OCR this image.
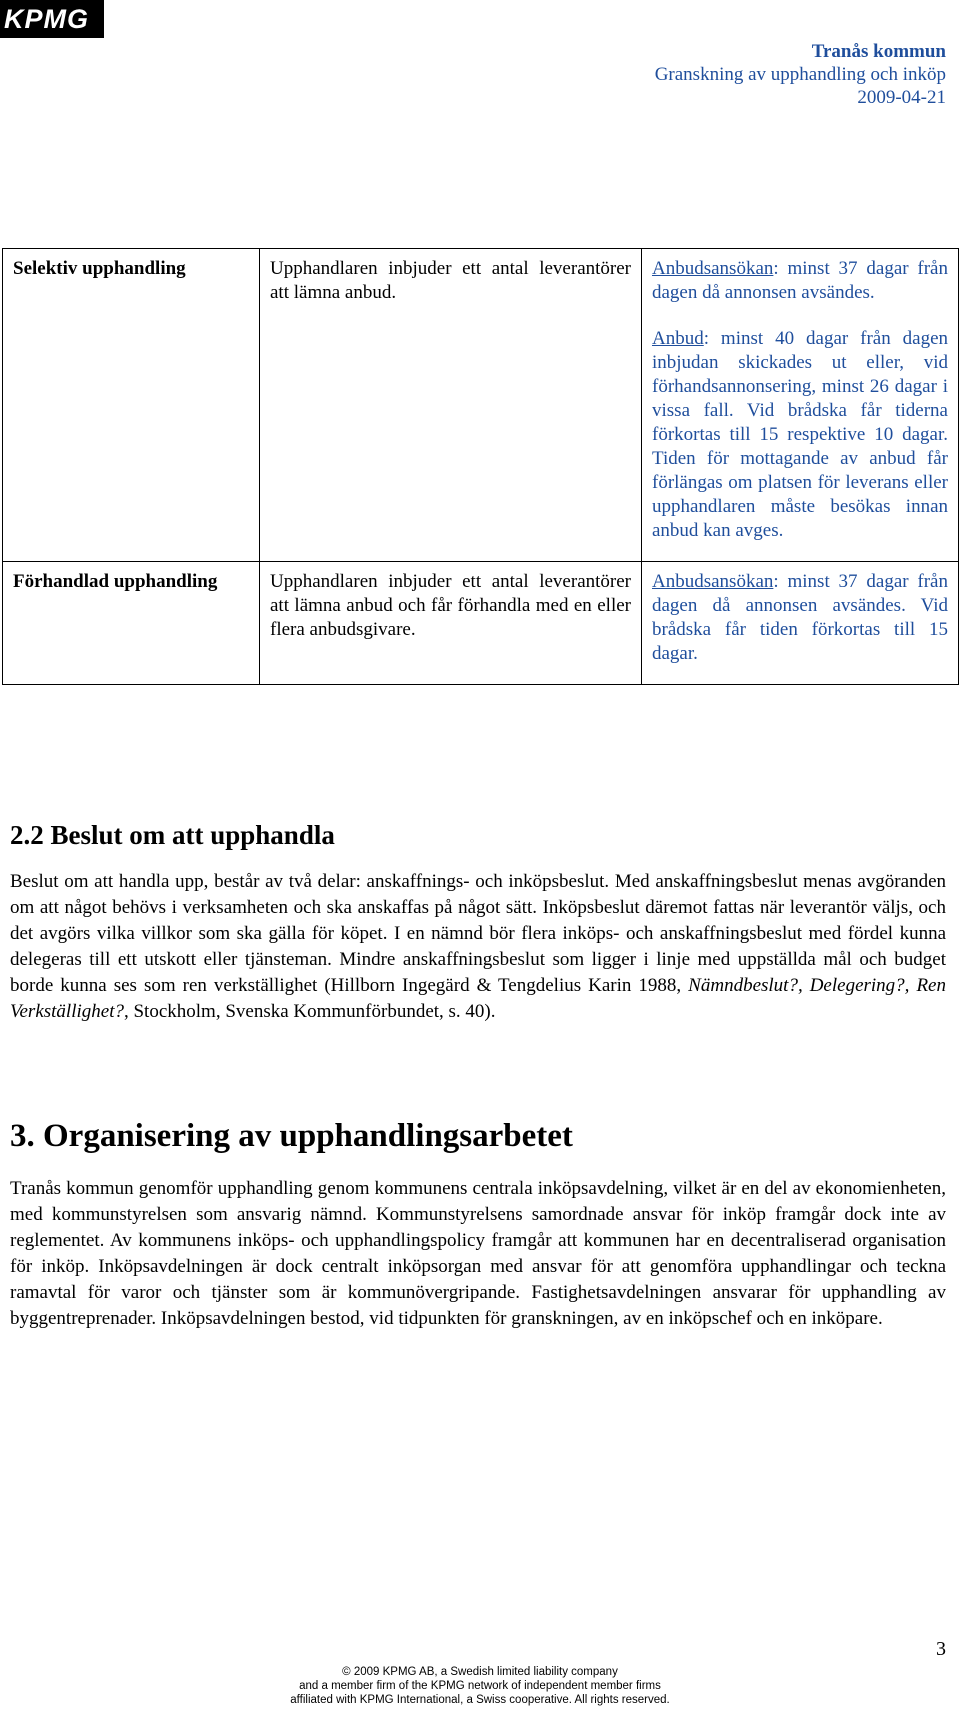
KPMG
Tranås kommun
Granskning av upphandling och inköp
2009-04-21
Selektiv upphandling	Upphandlaren inbjuder ett antal leverantörer att lämna anbud.	Anbudsansökan: minst 37 dagar från dagen då annonsen avsändes.
Anbud: minst 40 dagar från dagen inbjudan skickades ut eller, vid förhandsannonsering, minst 26 dagar i vissa fall. Vid brådska får tiderna förkortas till 15 respektive 10 dagar. Tiden för mottagande av anbud får förlängas om platsen för leverans eller upphandlaren måste besökas innan anbud kan avges.

Förhandlad upphandling	Upphandlaren inbjuder ett antal leverantörer att lämna anbud och får förhandla med en eller flera anbudsgivare.	Anbudsansökan: minst 37 dagar från dagen då annonsen avsändes. Vid brådska får tiden förkortas till 15 dagar.
2.2 Beslut om att upphandla

Beslut om att handla upp, består av två delar: anskaffnings- och inköpsbeslut. Med anskaffningsbeslut menas avgöranden om att något behövs i verksamheten och ska anskaffas på något sätt. Inköpsbeslut däremot fattas när leverantör väljs, och det avgörs vilka villkor som ska gälla för köpet. I en nämnd bör flera inköps- och anskaffningsbeslut med fördel kunna delegeras till ett utskott eller tjänsteman. Mindre anskaffningsbeslut som ligger i linje med uppställda mål och budget borde kunna ses som ren verkställighet (Hillborn Ingegärd & Tengdelius Karin 1988, Nämndbeslut?, Delegering?, Ren Verkställighet?, Stockholm, Svenska Kommunförbundet, s. 40).

3. Organisering av upphandlingsarbetet

Tranås kommun genomför upphandling genom kommunens centrala inköpsavdelning, vilket är en del av ekonomienheten, med kommunstyrelsen som ansvarig nämnd. Kommunstyrelsens samordnade ansvar för inköp framgår dock inte av reglementet. Av kommunens inköps- och upphandlingspolicy framgår att kommunen har en decentraliserad organisation för inköp. Inköpsavdelningen är dock centralt inköpsorgan med ansvar för att genomföra upphandlingar och teckna ramavtal för varor och tjänster som är kommunövergripande. Fastighetsavdelningen ansvarar för upphandling av byggentreprenader. Inköpsavdelningen bestod, vid tidpunkten för granskningen, av en inköpschef och en inköpare.

3
© 2009 KPMG AB, a Swedish limited liability company
and a member firm of the KPMG network of independent member firms
affiliated with KPMG International, a Swiss cooperative. All rights reserved.
